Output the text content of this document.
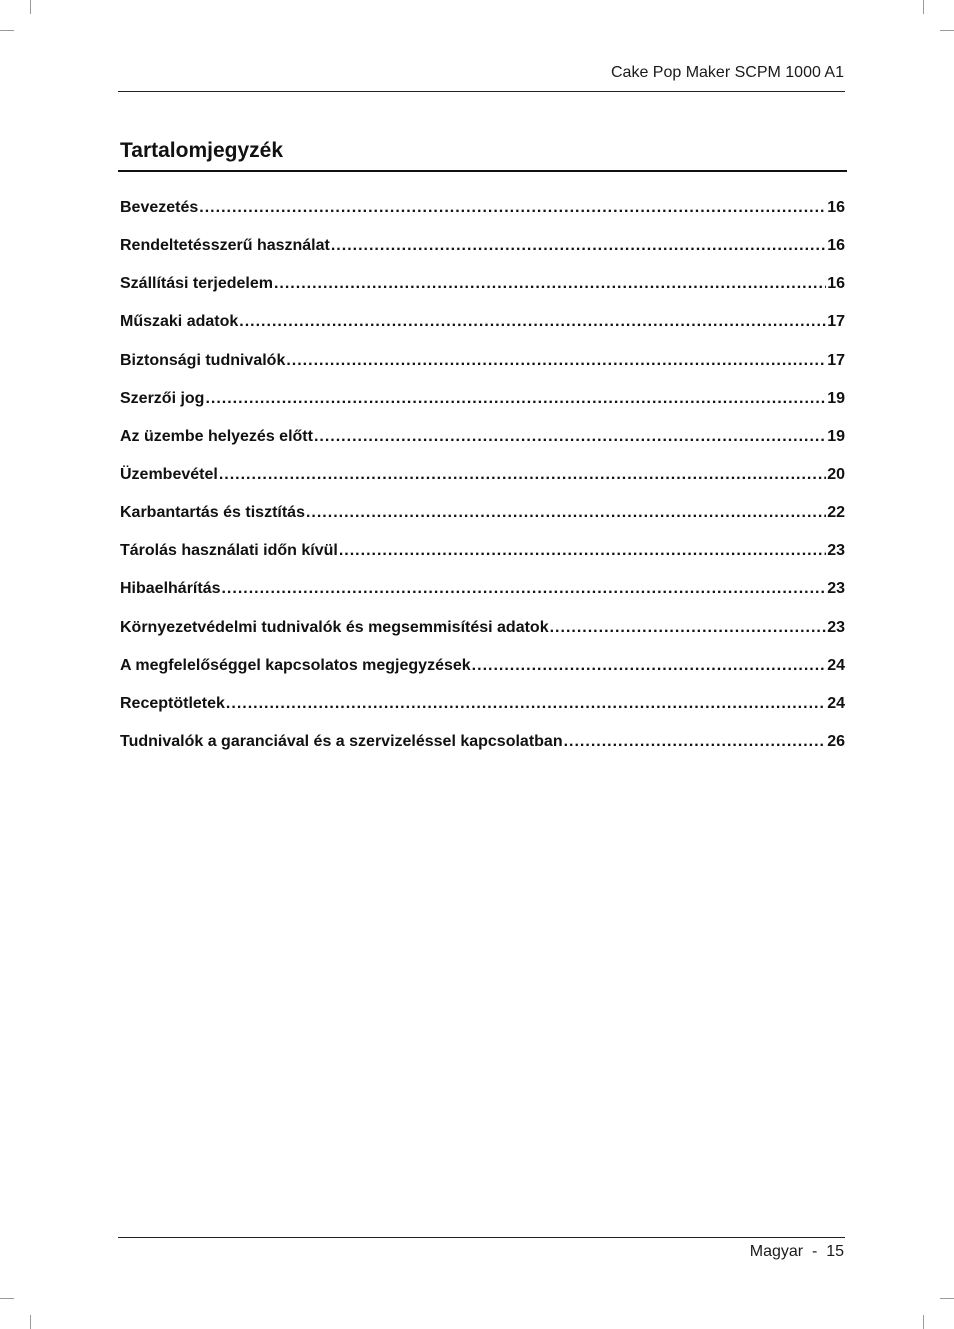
Cake Pop Maker SCPM 1000 A1
Tartalomjegyzék
Bevezetés .....	16
Rendeltetésszerű használat .....	16
Szállítási terjedelem .....	16
Műszaki adatok .....	17
Biztonsági tudnivalók .....	17
Szerzői jog .....	19
Az üzembe helyezés előtt .....	19
Üzembevétel .....	20
Karbantartás és tisztítás .....	22
Tárolás használati időn kívül .....	23
Hibaelhárítás .....	23
Környezetvédelmi tudnivalók és megsemmisítési adatok .....	23
A megfelelőséggel kapcsolatos megjegyzések .....	24
Receptötletek .....	24
Tudnivalók a garanciával és a szervizeléssel kapcsolatban .....	26
Magyar  -  15
